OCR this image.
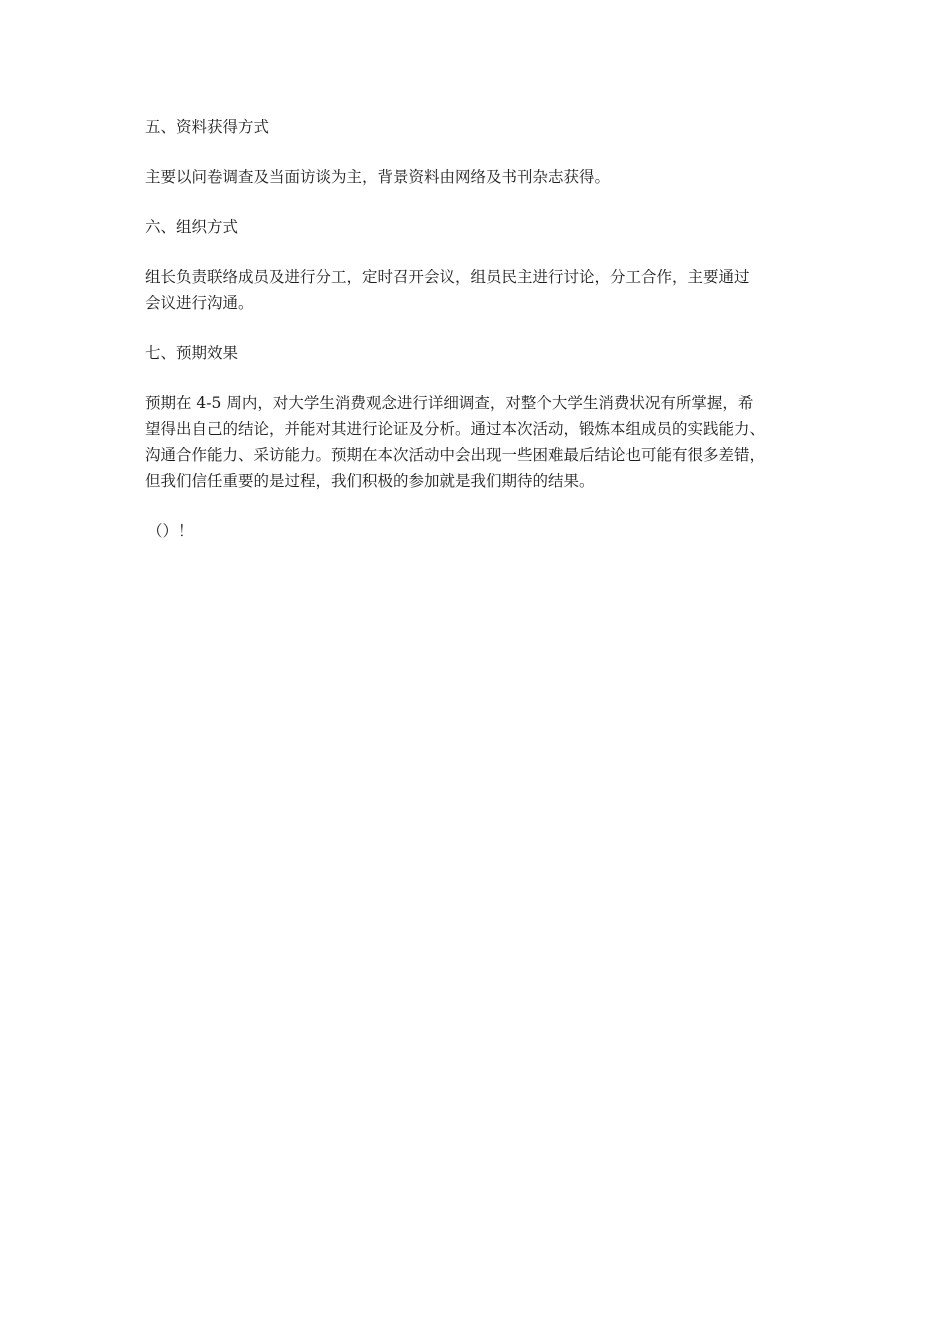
五、资料获得方式
主要以问卷调查及当面访谈为主，背景资料由网络及书刊杂志获得。
六、组织方式
组长负责联络成员及进行分工，定时召开会议，组员民主进行讨论，分工合作，主要通过
会议进行沟通。
七、预期效果
预期在 4-5 周内，对大学生消费观念进行详细调查，对整个大学生消费状况有所掌握，希
望得出自己的结论，并能对其进行论证及分析。通过本次活动，锻炼本组成员的实践能力、
沟通合作能力、采访能力。预期在本次活动中会出现一些困难最后结论也可能有很多差错，
但我们信任重要的是过程，我们积极的参加就是我们期待的结果。
（）！
